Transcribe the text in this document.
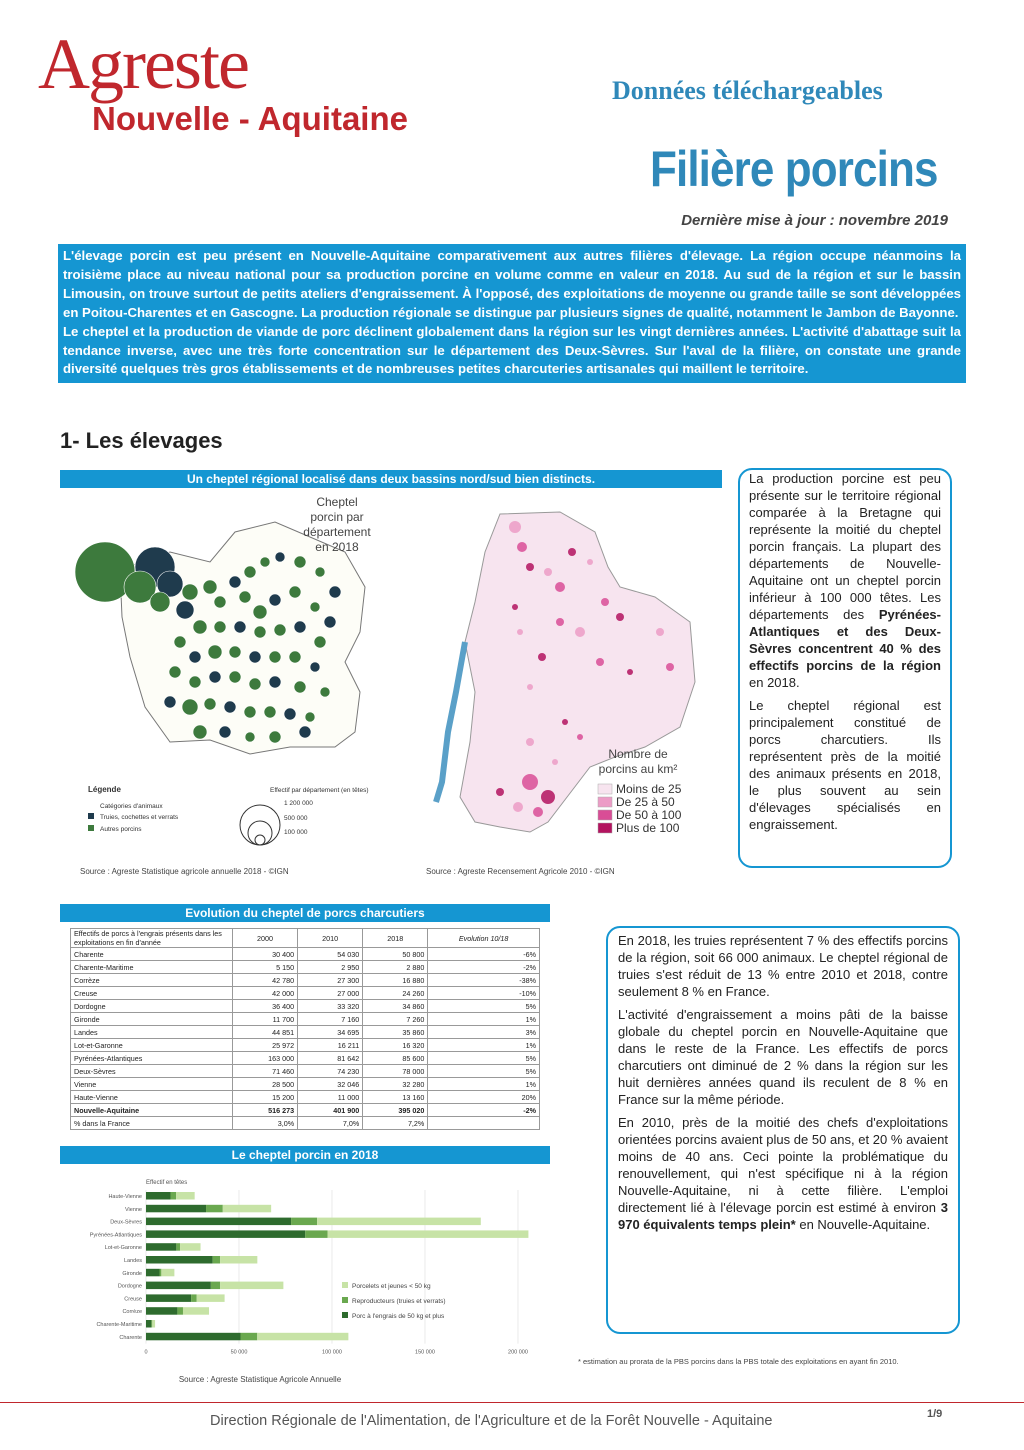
Agreste
Nouvelle - Aquitaine
Données téléchargeables
Filière porcins
Dernière mise à jour : novembre 2019

L'élevage porcin est peu présent en Nouvelle-Aquitaine comparativement aux autres filières d'élevage. La région occupe néanmoins la troisième place au niveau national pour sa production porcine en volume comme en valeur en 2018. Au sud de la région et sur le bassin Limousin, on trouve surtout de petits ateliers d'engraissement. À l'opposé, des exploitations de moyenne ou grande taille se sont développées en Poitou-Charentes et en Gascogne. La production régionale se distingue par plusieurs signes de qualité, notamment le Jambon de Bayonne.

Le cheptel et la production de viande de porc déclinent globalement dans la région sur les vingt dernières années. L'activité d'abattage suit la tendance inverse, avec une très forte concentration sur le département des Deux-Sèvres. Sur l'aval de la filière, on constate une grande diversité quelques très gros établissements et de nombreuses petites charcuteries artisanales qui maillent le territoire.

1- Les élevages
Un cheptel régional localisé dans deux bassins nord/sud bien distincts.
Cheptel porcin par département en 2018
Légende
Catégories d'animaux
Truies, cochettes et verrats
Autres porcins
Effectif par département (en têtes)
1 200 000
500 000
100 000
Source : Agreste Statistique agricole annuelle 2018 - ©IGN
Nombre de porcins au km²
Moins de 25
De 25 à 50
De 50 à 100
Plus de 100
Source : Agreste Recensement Agricole 2010 - ©IGN

La production porcine est peu présente sur le territoire régional comparée à la Bretagne qui représente la moitié du cheptel porcin français. La plupart des départements de Nouvelle-Aquitaine ont un cheptel porcin inférieur à 100 000 têtes. Les départements des Pyrénées-Atlantiques et des Deux-Sèvres concentrent 40 % des effectifs porcins de la région en 2018.

Le cheptel régional est principalement constitué de porcs charcutiers. Ils représentent près de la moitié des animaux présents en 2018, le plus souvent au sein d'élevages spécialisés en engraissement.

Evolution du cheptel de porcs charcutiers
Effectifs de porcs à l'engrais présents dans les exploitations en fin d'année	2000	2010	2018	Evolution 10/18
Charente	30 400	54 030	50 800	-6%
Charente-Maritime	5 150	2 950	2 880	-2%
Corrèze	42 780	27 300	16 880	-38%
Creuse	42 000	27 000	24 260	-10%
Dordogne	36 400	33 320	34 860	5%
Gironde	11 700	7 160	7 260	1%
Landes	44 851	34 695	35 860	3%
Lot-et-Garonne	25 972	16 211	16 320	1%
Pyrénées-Atlantiques	163 000	81 642	85 600	5%
Deux-Sèvres	71 460	74 230	78 000	5%
Vienne	28 500	32 046	32 280	1%
Haute-Vienne	15 200	11 000	13 160	20%
Nouvelle-Aquitaine	516 273	401 900	395 020	-2%
% dans la France	3,0%	7,0%	7,2%	
Le cheptel porcin en 2018
Effectif en têtes
0	50 000	100 000	150 000	200 000
Haute-Vienne
Vienne
Deux-Sèvres
Pyrénées-Atlantiques
Lot-et-Garonne
Landes
Gironde
Dordogne
Creuse
Corrèze
Charente-Maritime
Charente
Porcelets et jeunes < 50 kg
Reproducteurs (truies et verrats)
Porc à l'engrais de 50 kg et plus
Source : Agreste Statistique Agricole Annuelle

En 2018, les truies représentent 7 % des effectifs porcins de la région, soit 66 000 animaux. Le cheptel régional de truies s'est réduit de 13 % entre 2010 et 2018, contre seulement 8 % en France.

L'activité d'engraissement a moins pâti de la baisse globale du cheptel porcin en Nouvelle-Aquitaine que dans le reste de la France. Les effectifs de porcs charcutiers ont diminué de 2 % dans la région sur les huit dernières années quand ils reculent de 8 % en France sur la même période.

En 2010, près de la moitié des chefs d'exploitations orientées porcins avaient plus de 50 ans, et 20 % avaient moins de 40 ans. Ceci pointe la problématique du renouvellement, qui n'est spécifique ni à la région Nouvelle-Aquitaine, ni à cette filière. L'emploi directement lié à l'élevage porcin est estimé à environ 3 970 équivalents temps plein* en Nouvelle-Aquitaine.

* estimation au prorata de la PBS porcins dans la PBS totale des exploitations en ayant fin 2010.
Direction Régionale de l'Alimentation, de l'Agriculture et de la Forêt Nouvelle - Aquitaine	1/9
